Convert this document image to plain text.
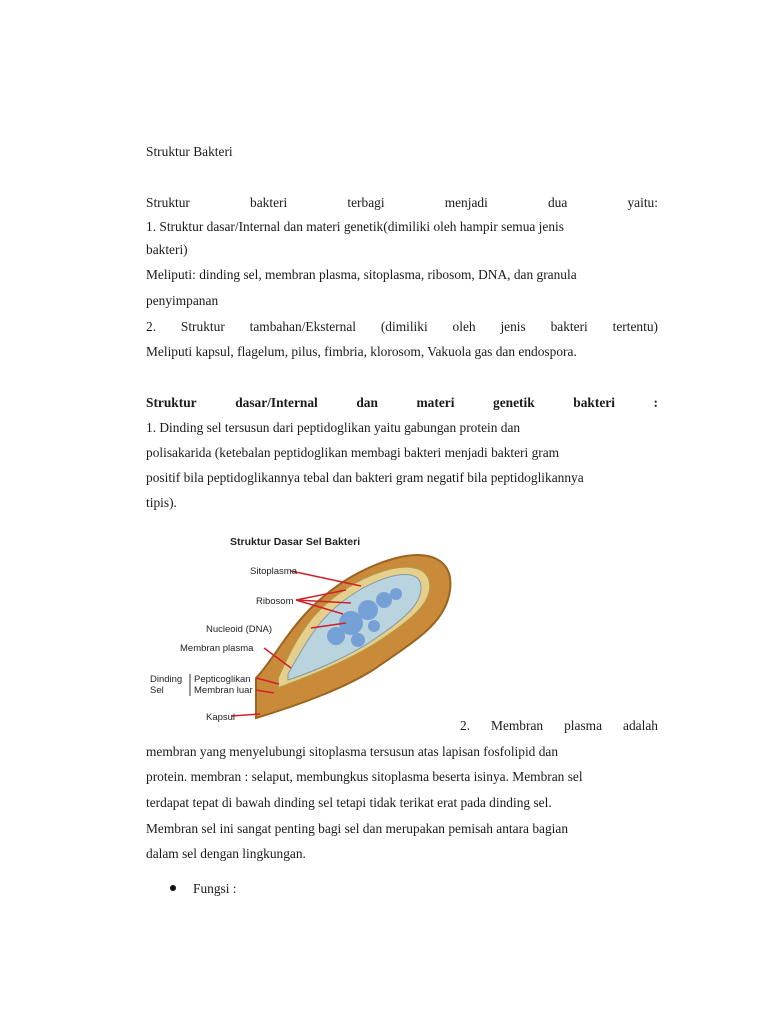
Struktur Bakteri
Struktur	bakteri	terbagi	menjadi	dua	yaitu:
1. Struktur dasar/Internal dan materi genetik(dimiliki oleh hampir semua jenis
bakteri)
Meliputi: dinding sel, membran plasma, sitoplasma, ribosom, DNA, dan granula
penyimpanan
2. Struktur tambahan/Eksternal (dimiliki oleh jenis bakteri tertentu)
Meliputi kapsul, flagelum, pilus, fimbria, klorosom, Vakuola gas dan endospora.
Struktur	dasar/Internal	dan	materi	genetik	bakteri	:
1. Dinding sel tersusun dari peptidoglikan yaitu gabungan protein dan
polisakarida (ketebalan peptidoglikan membagi bakteri menjadi bakteri gram
positif bila peptidoglikannya tebal dan bakteri gram negatif bila peptidoglikannya
tipis).
Struktur Dasar Sel Bakteri
Sitoplasma
Ribosom
Nucleoid (DNA)
Membran plasma
Dinding
Sel
Pepticoglikan
Membran luar
Kapsul
2. Membran plasma adalah
membran yang menyelubungi sitoplasma tersusun atas lapisan fosfolipid dan
protein. membran : selaput, membungkus sitoplasma beserta isinya. Membran sel
terdapat tepat di bawah dinding sel tetapi tidak terikat erat pada dinding sel.
Membran sel ini sangat penting bagi sel dan merupakan pemisah antara bagian
dalam sel dengan lingkungan.
Fungsi :
